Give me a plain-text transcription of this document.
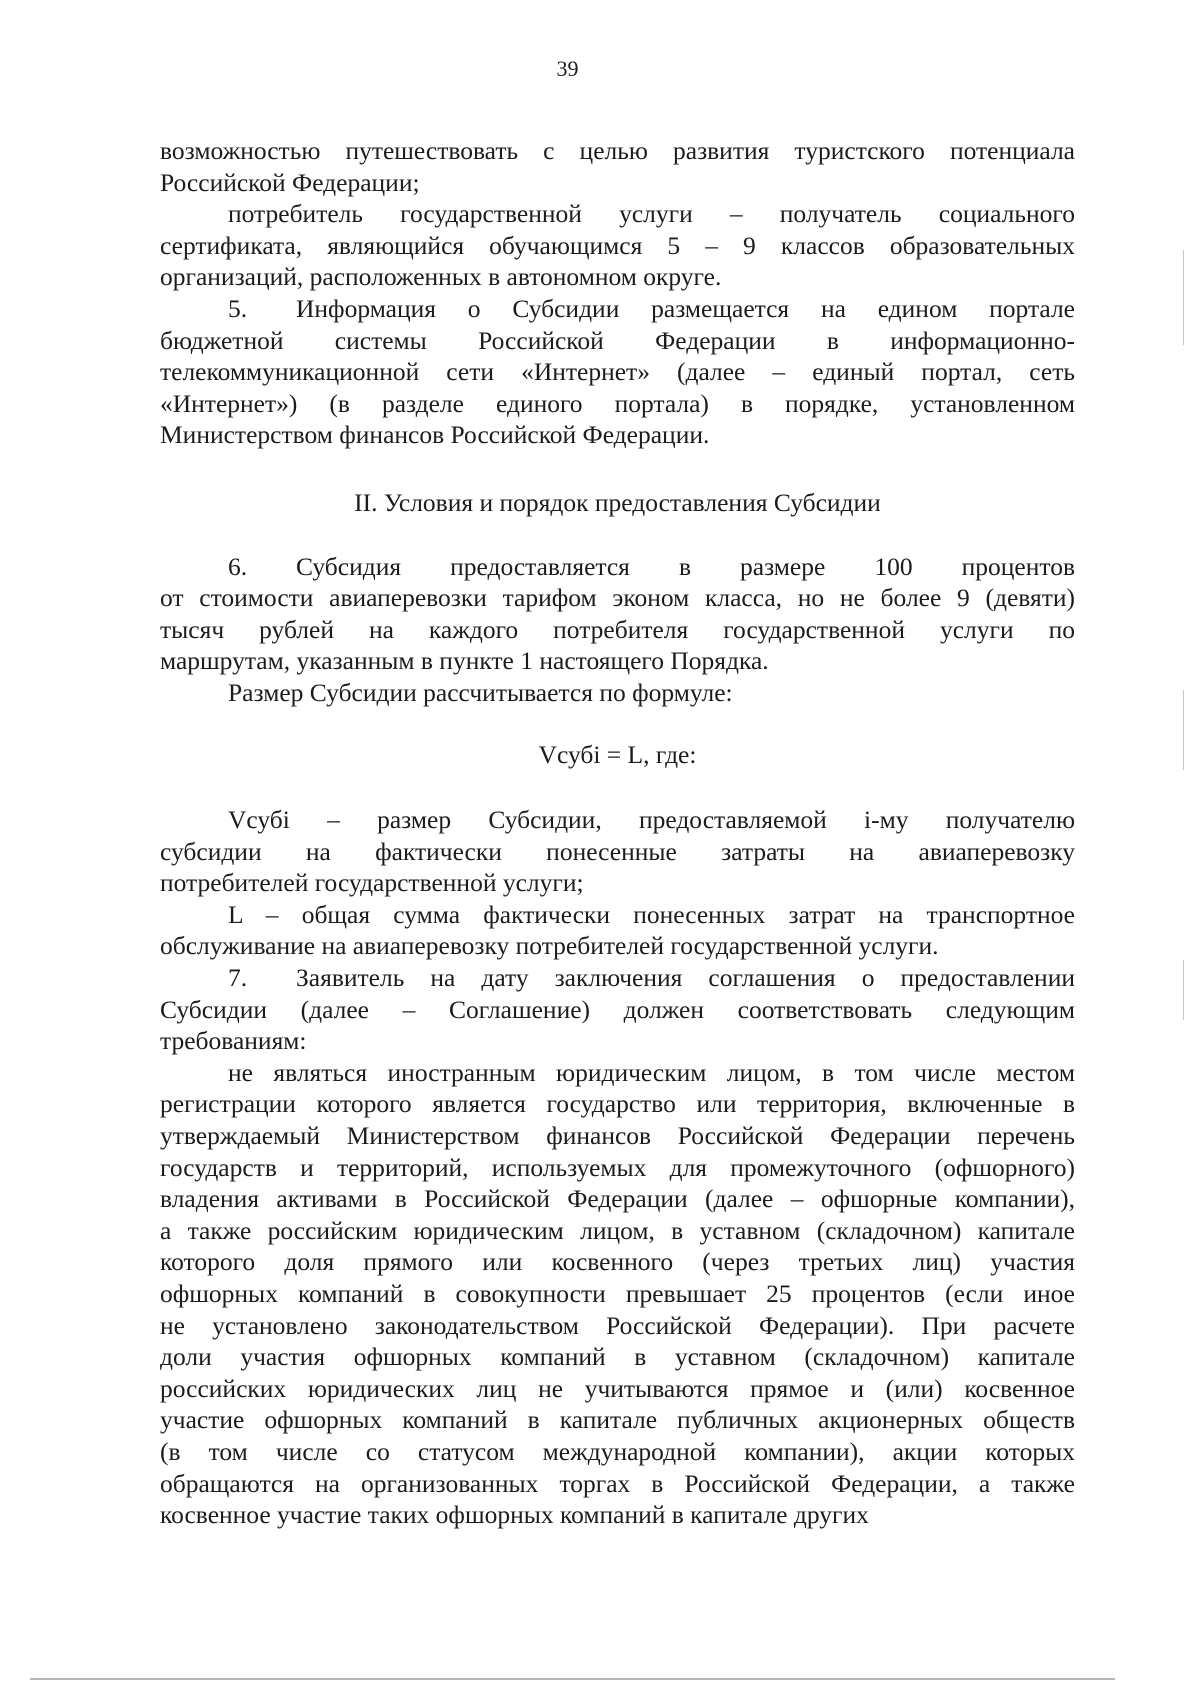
39

возможностью путешествовать с целью развития туристского потенциала

Российской Федерации;

потребитель государственной услуги – получатель социального

сертификата, являющийся обучающимся 5 – 9 классов образовательных

организаций, расположенных в автономном округе.

5. Информация о Субсидии размещается на едином портале

бюджетной системы Российской Федерации в информационно-

телекоммуникационной сети «Интернет» (далее – единый портал, сеть

«Интернет») (в разделе единого портала) в порядке, установленном

Министерством финансов Российской Федерации.

II. Условия и порядок предоставления Субсидии

6. Субсидия предоставляется в размере 100 процентов

от стоимости авиаперевозки тарифом эконом класса, но не более 9 (девяти)

тысяч рублей на каждого потребителя государственной услуги по

маршрутам, указанным в пункте 1 настоящего Порядка.

Размер Субсидии рассчитывается по формуле:

Vсубi = L, где:

Vсубi – размер Субсидии, предоставляемой i-му получателю

субсидии на фактически понесенные затраты на авиаперевозку

потребителей государственной услуги;

L – общая сумма фактически понесенных затрат на транспортное

обслуживание на авиаперевозку потребителей государственной услуги.

7. Заявитель на дату заключения соглашения о предоставлении

Субсидии (далее – Соглашение) должен соответствовать следующим

требованиям:

не являться иностранным юридическим лицом, в том числе местом

регистрации которого является государство или территория, включенные в

утверждаемый Министерством финансов Российской Федерации перечень

государств и территорий, используемых для промежуточного (офшорного)

владения активами в Российской Федерации (далее – офшорные компании),

а также российским юридическим лицом, в уставном (складочном) капитале

которого доля прямого или косвенного (через третьих лиц) участия

офшорных компаний в совокупности превышает 25 процентов (если иное

не установлено законодательством Российской Федерации). При расчете

доли участия офшорных компаний в уставном (складочном) капитале

российских юридических лиц не учитываются прямое и (или) косвенное

участие офшорных компаний в капитале публичных акционерных обществ

(в том числе со статусом международной компании), акции которых

обращаются на организованных торгах в Российской Федерации, а также

косвенное участие таких офшорных компаний в капитале других
